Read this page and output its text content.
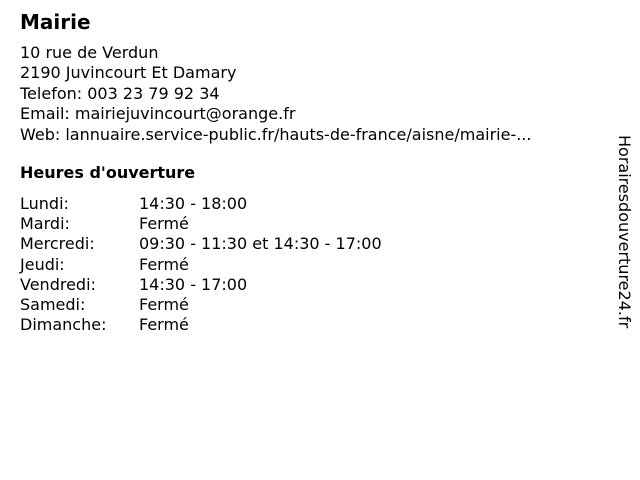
Mairie
10 rue de Verdun
2190 Juvincourt Et Damary
Telefon: 003 23 79 92 34
Email: mairiejuvincourt@orange.fr
Web: lannuaire.service-public.fr/hauts-de-france/aisne/mairie-...
Heures d'ouverture
Lundi:	14:30 - 18:00
Mardi:	Fermé
Mercredi:	09:30 - 11:30 et 14:30 - 17:00
Jeudi:	Fermé
Vendredi:	14:30 - 17:00
Samedi:	Fermé
Dimanche:	Fermé	Horairesdouverture24.fr
